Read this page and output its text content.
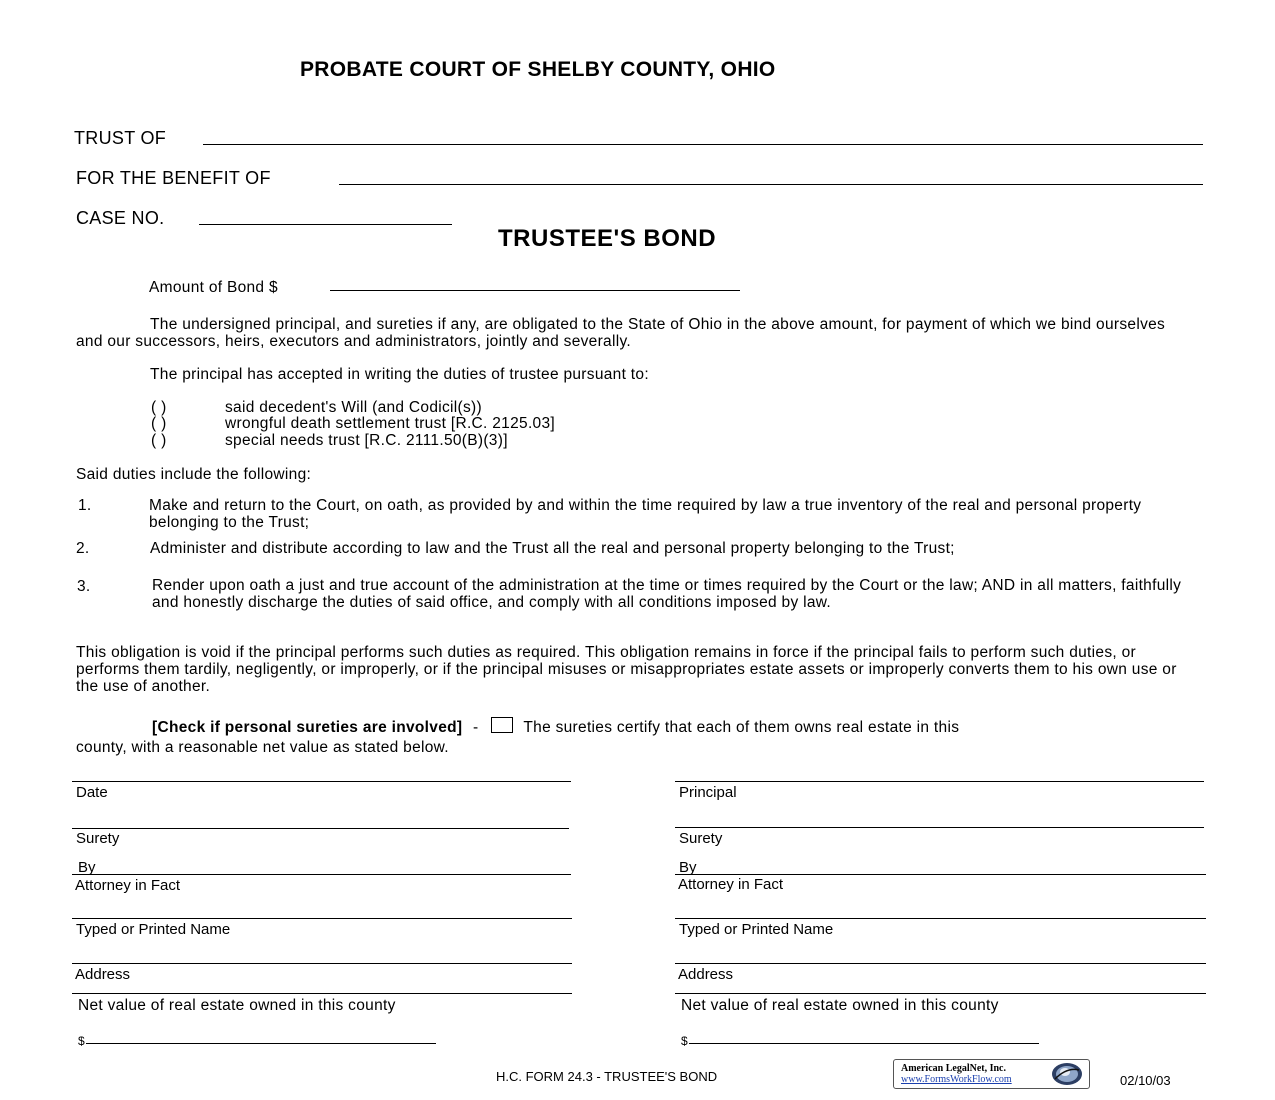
PROBATE COURT OF SHELBY COUNTY, OHIO
TRUST OF
FOR THE BENEFIT OF
CASE NO.
TRUSTEE'S BOND
Amount of Bond $
The undersigned principal, and sureties if any, are obligated to the State of Ohio in the above amount, for payment of which we bind ourselves and our successors, heirs, executors and administrators, jointly and severally.
The principal has accepted in writing the duties of trustee pursuant to:
( )	said decedent's Will (and Codicil(s))
( )	wrongful death settlement trust [R.C. 2125.03]
( )	special needs trust [R.C. 2111.50(B)(3)]
Said duties include the following:
1.	Make and return to the Court, on oath, as provided by and within the time required by law a true inventory of the real and personal property belonging to the Trust;
2.	Administer and distribute according to law and the Trust all the real and personal property belonging to the Trust;
3.	Render upon oath a just and true account of the administration at the time or times required by the Court or the law; AND in all matters, faithfully and honestly discharge the duties of said office, and comply with all conditions imposed by law.
This obligation is void if the principal performs such duties as required. This obligation remains in force if the principal fails to perform such duties, or performs them tardily, negligently, or improperly, or if the principal misuses or misappropriates estate assets or improperly converts them to his own use or the use of another.
[Check if personal sureties are involved] -	The sureties certify that each of them owns real estate in this
county, with a reasonable net value as stated below.
Date
Surety
By
Attorney in Fact
Typed or Printed Name
Address
Net value of real estate owned in this county
$
Principal
Surety
By
Attorney in Fact
Typed or Printed Name
Address
Net value of real estate owned in this county
$
H.C. FORM 24.3 - TRUSTEE'S BOND
American LegalNet, Inc.
www.FormsWorkFlow.com	02/10/03
